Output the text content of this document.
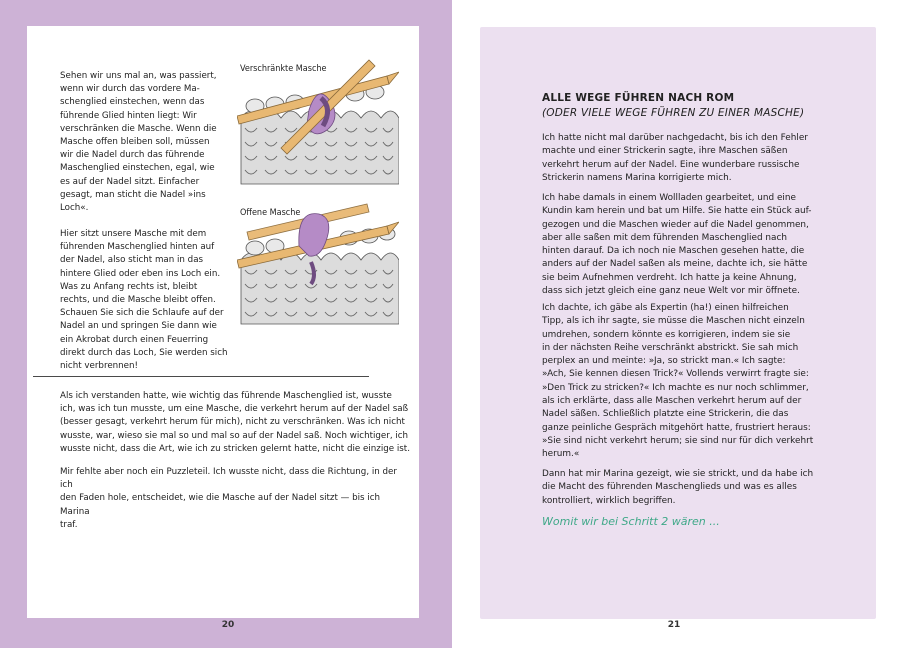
Sehen wir uns mal an, was passiert,
wenn wir durch das vordere Ma-
schenglied einstechen, wenn das
führende Glied hinten liegt: Wir
verschränken die Masche. Wenn die
Masche offen bleiben soll, müssen
wir die Nadel durch das führende
Maschenglied einstechen, egal, wie
es auf der Nadel sitzt. Einfacher
gesagt, man sticht die Nadel »ins
Loch«.
Hier sitzt unsere Masche mit dem
führenden Maschenglied hinten auf
der Nadel, also sticht man in das
hintere Glied oder eben ins Loch ein.
Was zu Anfang rechts ist, bleibt
rechts, und die Masche bleibt offen.
Schauen Sie sich die Schlaufe auf der
Nadel an und springen Sie dann wie
ein Akrobat durch einen Feuerring
direkt durch das Loch, Sie werden sich
nicht verbrennen!
Verschränkte Masche
Offene Masche
Als ich verstanden hatte, wie wichtig das führende Maschenglied ist, wusste
ich, was ich tun musste, um eine Masche, die verkehrt herum auf der Nadel saß
(besser gesagt, verkehrt herum für mich), nicht zu verschränken. Was ich nicht
wusste, war, wieso sie mal so und mal so auf der Nadel saß. Noch wichtiger, ich
wusste nicht, dass die Art, wie ich zu stricken gelernt hatte, nicht die einzige ist.
Mir fehlte aber noch ein Puzzleteil. Ich wusste nicht, dass die Richtung, in der ich
den Faden hole, entscheidet, wie die Masche auf der Nadel sitzt — bis ich Marina
traf.
20
ALLE WEGE FÜHREN NACH ROM
(ODER VIELE WEGE FÜHREN ZU EINER MASCHE)
Ich hatte nicht mal darüber nachgedacht, bis ich den Fehler
machte und einer Strickerin sagte, ihre Maschen säßen
verkehrt herum auf der Nadel. Eine wunderbare russische
Strickerin namens Marina korrigierte mich.
Ich habe damals in einem Wollladen gearbeitet, und eine
Kundin kam herein und bat um Hilfe. Sie hatte ein Stück auf-
gezogen und die Maschen wieder auf die Nadel genommen,
aber alle saßen mit dem führenden Maschenglied nach
hinten darauf. Da ich noch nie Maschen gesehen hatte, die
anders auf der Nadel saßen als meine, dachte ich, sie hätte
sie beim Aufnehmen verdreht. Ich hatte ja keine Ahnung,
dass sich jetzt gleich eine ganz neue Welt vor mir öffnete.
Ich dachte, ich gäbe als Expertin (ha!) einen hilfreichen
Tipp, als ich ihr sagte, sie müsse die Maschen nicht einzeln
umdrehen, sondern könnte es korrigieren, indem sie sie
in der nächsten Reihe verschränkt abstrickt. Sie sah mich
perplex an und meinte: »Ja, so strickt man.« Ich sagte:
»Ach, Sie kennen diesen Trick?« Vollends verwirrt fragte sie:
»Den Trick zu stricken?« Ich machte es nur noch schlimmer,
als ich erklärte, dass alle Maschen verkehrt herum auf der
Nadel säßen. Schließlich platzte eine Strickerin, die das
ganze peinliche Gespräch mitgehört hatte, frustriert heraus:
»Sie sind nicht verkehrt herum; sie sind nur für dich verkehrt
herum.«
Dann hat mir Marina gezeigt, wie sie strickt, und da habe ich
die Macht des führenden Maschenglieds und was es alles
kontrolliert, wirklich begriffen.
Womit wir bei Schritt 2 wären ...
21
